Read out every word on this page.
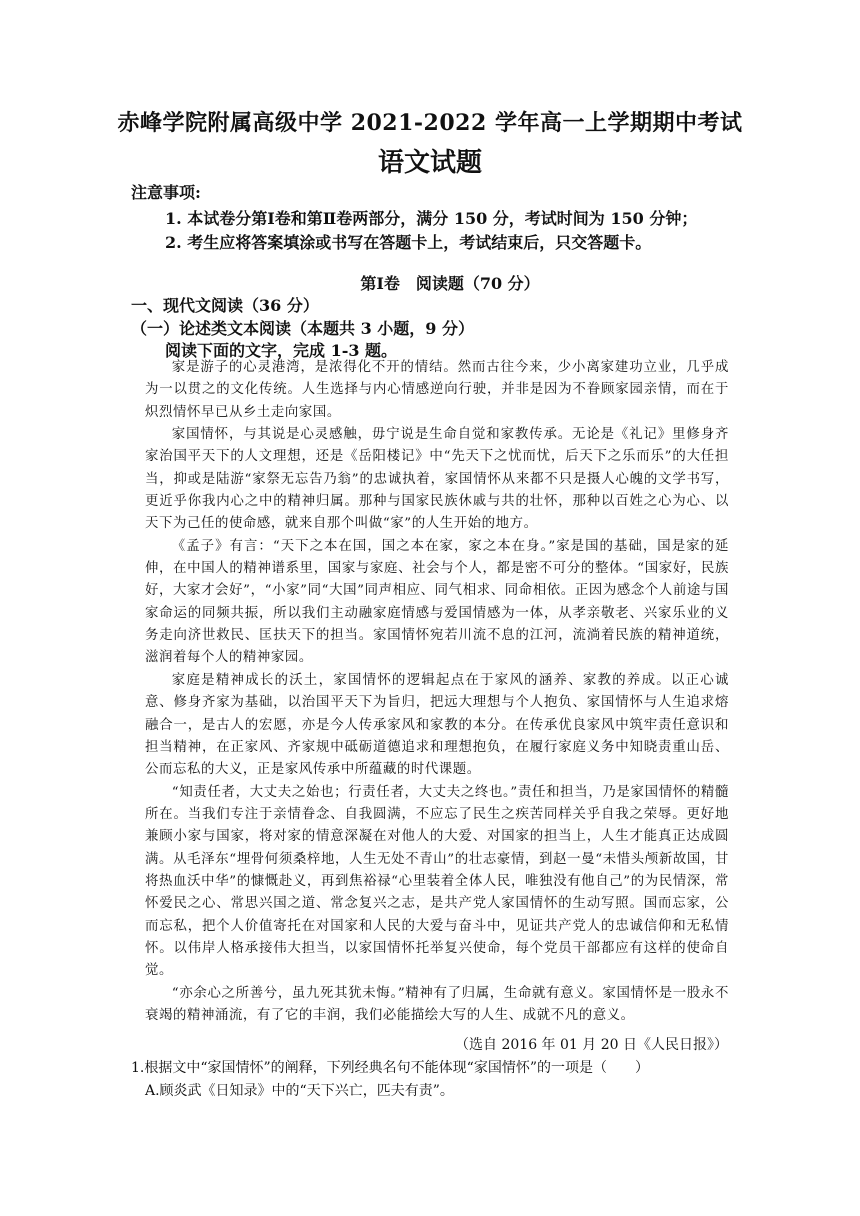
赤峰学院附属高级中学 2021-2022 学年高一上学期期中考试
语文试题
注意事项:
1. 本试卷分第Ⅰ卷和第Ⅱ卷两部分，满分 150 分，考试时间为 150 分钟；
2. 考生应将答案填涂或书写在答题卡上，考试结束后，只交答题卡。
第Ⅰ卷　阅读题（70 分）
一、现代文阅读（36 分）
（一）论述类文本阅读（本题共 3 小题，9 分）
阅读下面的文字，完成 1-3 题。

家是游子的心灵港湾，是浓得化不开的情结。然而古往今来，少小离家建功立业，几乎成为一以贯之的文化传统。人生选择与内心情感逆向行驶，并非是因为不眷顾家园亲情，而在于炽烈情怀早已从乡土走向家国。

家国情怀，与其说是心灵感触，毋宁说是生命自觉和家教传承。无论是《礼记》里修身齐家治国平天下的人文理想，还是《岳阳楼记》中“先天下之忧而忧，后天下之乐而乐”的大任担当，抑或是陆游“家祭无忘告乃翁”的忠诚执着，家国情怀从来都不只是摄人心魄的文学书写，更近乎你我内心之中的精神归属。那种与国家民族休戚与共的壮怀，那种以百姓之心为心、以天下为己任的使命感，就来自那个叫做“家”的人生开始的地方。

《孟子》有言：“天下之本在国，国之本在家，家之本在身。”家是国的基础，国是家的延伸，在中国人的精神谱系里，国家与家庭、社会与个人，都是密不可分的整体。“国家好，民族好，大家才会好”，“小家”同“大国”同声相应、同气相求、同命相依。正因为感念个人前途与国家命运的同频共振，所以我们主动融家庭情感与爱国情感为一体，从孝亲敬老、兴家乐业的义务走向济世救民、匡扶天下的担当。家国情怀宛若川流不息的江河，流淌着民族的精神道统，滋润着每个人的精神家园。

家庭是精神成长的沃土，家国情怀的逻辑起点在于家风的涵养、家教的养成。以正心诚意、修身齐家为基础，以治国平天下为旨归，把远大理想与个人抱负、家国情怀与人生追求熔融合一，是古人的宏愿，亦是今人传承家风和家教的本分。在传承优良家风中筑牢责任意识和担当精神，在正家风、齐家规中砥砺道德追求和理想抱负，在履行家庭义务中知晓责重山岳、公而忘私的大义，正是家风传承中所蕴藏的时代课题。

“知责任者，大丈夫之始也；行责任者，大丈夫之终也。”责任和担当，乃是家国情怀的精髓所在。当我们专注于亲情眷念、自我圆满，不应忘了民生之疾苦同样关乎自我之荣辱。更好地兼顾小家与国家，将对家的情意深凝在对他人的大爱、对国家的担当上，人生才能真正达成圆满。从毛泽东“埋骨何须桑梓地，人生无处不青山”的壮志豪情，到赵一曼“未惜头颅新故国，甘将热血沃中华”的慷慨赴义，再到焦裕禄“心里装着全体人民，唯独没有他自己”的为民情深，常怀爱民之心、常思兴国之道、常念复兴之志，是共产党人家国情怀的生动写照。国而忘家，公而忘私，把个人价值寄托在对国家和人民的大爱与奋斗中，见证共产党人的忠诚信仰和无私情怀。以伟岸人格承接伟大担当，以家国情怀托举复兴使命，每个党员干部都应有这样的使命自觉。

“亦余心之所善兮，虽九死其犹未悔。”精神有了归属，生命就有意义。家国情怀是一股永不衰竭的精神涌流，有了它的丰润，我们必能描绘大写的人生、成就不凡的意义。

（选自 2016 年 01 月 20 日《人民日报》）
1.根据文中“家国情怀”的阐释，下列经典名句不能体现“家国情怀”的一项是（　　）
A.顾炎武《日知录》中的“天下兴亡，匹夫有责”。
